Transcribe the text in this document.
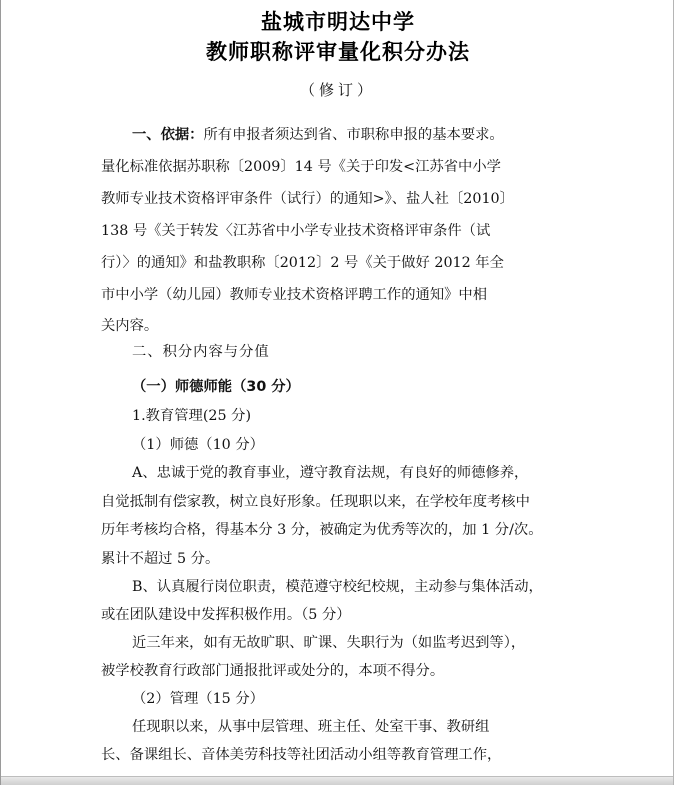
盐城市明达中学
教师职称评审量化积分办法
（修订）
一、依据：所有申报者须达到省、市职称申报的基本要求。
量化标准依据苏职称〔2009〕14 号《关于印发<江苏省中小学
教师专业技术资格评审条件（试行）的通知>》、盐人社〔2010〕
138 号《关于转发〈江苏省中小学专业技术资格评审条件（试
行）〉的通知》和盐教职称〔2012〕2 号《关于做好 2012 年全
市中小学（幼儿园）教师专业技术资格评聘工作的通知》中相
关内容。
二、积分内容与分值
（一）师德师能（30 分）
1.教育管理(25 分)
（1）师德（10 分）
A、忠诚于党的教育事业，遵守教育法规，有良好的师德修养，
自觉抵制有偿家教，树立良好形象。任现职以来，在学校年度考核中
历年考核均合格，得基本分 3 分，被确定为优秀等次的，加 1 分/次。
累计不超过 5 分。
B、认真履行岗位职责，模范遵守校纪校规，主动参与集体活动，
或在团队建设中发挥积极作用。（5 分）
近三年来，如有无故旷职、旷课、失职行为（如监考迟到等），
被学校教育行政部门通报批评或处分的，本项不得分。
（2）管理（15 分）
任现职以来，从事中层管理、班主任、处室干事、教研组
长、备课组长、音体美劳科技等社团活动小组等教育管理工作，
